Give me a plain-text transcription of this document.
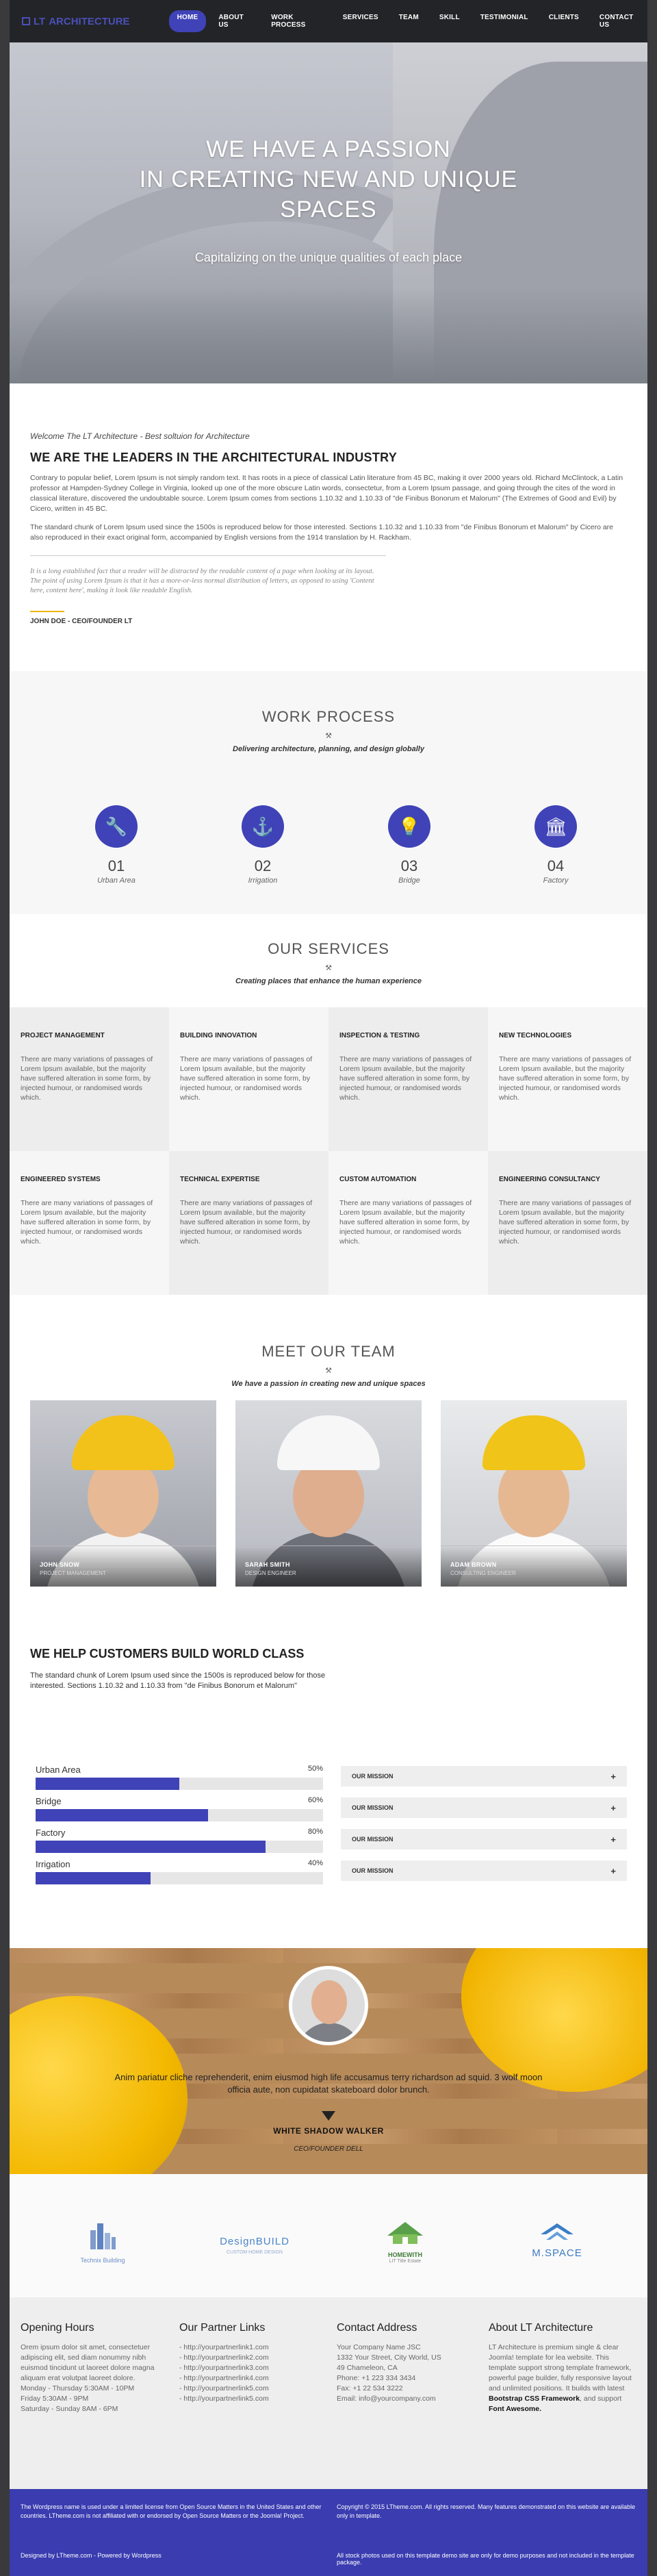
WE HAVE A PASSION
IN CREATING NEW AND UNIQUE
SPACES

Capitalizing on the unique qualities of each place

LT ARCHITECTURE	HOME	ABOUT US
WORK PROCESS
SERVICES	TEAM	SKILL	TESTIMONIAL	CLIENTS	CONTACT US
Welcome The LT Architecture - Best soltuion for Architecture
WE ARE THE LEADERS IN THE ARCHITECTURAL INDUSTRY

Contrary to popular belief, Lorem Ipsum is not simply random text. It has roots in a piece of classical Latin literature from 45 BC, making it over 2000 years old. Richard McClintock, a Latin professor at Hampden-Sydney College in Virginia, looked up one of the more obscure Latin words, consectetur, from a Lorem Ipsum passage, and going through the cites of the word in classical literature, discovered the undoubtable source. Lorem Ipsum comes from sections 1.10.32 and 1.10.33 of "de Finibus Bonorum et Malorum" (The Extremes of Good and Evil) by Cicero, written in 45 BC.

The standard chunk of Lorem Ipsum used since the 1500s is reproduced below for those interested. Sections 1.10.32 and 1.10.33 from "de Finibus Bonorum et Malorum" by Cicero are also reproduced in their exact original form, accompanied by English versions from the 1914 translation by H. Rackham.

It is a long established fact that a reader will be distracted by the readable content of a page when looking at its layout. The point of using Lorem Ipsum is that it has a more-or-less normal distribution of letters, as opposed to using 'Content here, content here', making it look like readable English.

JOHN DOE - CEO/FOUNDER LT
WORK PROCESS
⚒
Delivering architecture, planning, and design globally
🔧
01
Urban Area
⚓
02
Irrigation
💡
03
Bridge
🏛
04
Factory
OUR SERVICES
⚒
Creating places that enhance the human experience
PROJECT MANAGEMENT

There are many variations of passages of Lorem Ipsum available, but the majority have suffered alteration in some form, by injected humour, or randomised words which.

BUILDING INNOVATION

There are many variations of passages of Lorem Ipsum available, but the majority have suffered alteration in some form, by injected humour, or randomised words which.

INSPECTION & TESTING

There are many variations of passages of Lorem Ipsum available, but the majority have suffered alteration in some form, by injected humour, or randomised words which.

NEW TECHNOLOGIES

There are many variations of passages of Lorem Ipsum available, but the majority have suffered alteration in some form, by injected humour, or randomised words which.

ENGINEERED SYSTEMS

There are many variations of passages of Lorem Ipsum available, but the majority have suffered alteration in some form, by injected humour, or randomised words which.

TECHNICAL EXPERTISE

There are many variations of passages of Lorem Ipsum available, but the majority have suffered alteration in some form, by injected humour, or randomised words which.

CUSTOM AUTOMATION

There are many variations of passages of Lorem Ipsum available, but the majority have suffered alteration in some form, by injected humour, or randomised words which.

ENGINEERING CONSULTANCY

There are many variations of passages of Lorem Ipsum available, but the majority have suffered alteration in some form, by injected humour, or randomised words which.

MEET OUR TEAM
⚒
We have a passion in creating new and unique spaces
JOHN SNOW
PROJECT MANAGEMENT
SARAH SMITH
DESIGN ENGINEER
ADAM BROWN
CONSULTING ENGINEER
WE HELP CUSTOMERS BUILD WORLD CLASS

The standard chunk of Lorem Ipsum used since the 1500s is reproduced below for those interested. Sections 1.10.32 and 1.10.33 from "de Finibus Bonorum et Malorum"

Urban Area	50%
Bridge	60%
Factory	80%
Irrigation	40%
OUR MISSION	+
OUR MISSION	+
OUR MISSION	+
OUR MISSION	+

Anim pariatur cliche reprehenderit, enim eiusmod high life accusamus terry richardson ad squid. 3 wolf moon officia aute, non cupidatat skateboard dolor brunch.

WHITE SHADOW WALKER
CEO/FOUNDER DELL
Technix Building
DesignBUILD
CUSTOM HOME DESIGN	HOMEWITH
LIT Title Estate
M.SPACE
Opening Hours

Orem ipsum dolor sit amet, consectetuer adipiscing elit, sed diam nonummy nibh euismod tincidunt ut laoreet dolore magna aliquam erat volutpat laoreet dolore.

Monday - Thursday 5:30AM - 10PM

Friday 5:30AM - 9PM

Saturday - Sunday 8AM - 6PM

Our Partner Links

- http://yourpartnerlink1.com

- http://yourpartnerlink2.com

- http://yourpartnerlink3.com

- http://yourpartnerlink4.com

- http://yourpartnerlink5.com

- http://yourpartnerlink5.com

Contact Address

Your Company Name JSC

1332 Your Street, City World, US

49 Chameleon, CA

Phone: +1 223 334 3434

Fax: +1 22 534 3222

Email: info@yourcompany.com

About LT Architecture

LT Architecture is premium single & clear Joomla! template for lea website. This template support strong template framework, powerful page builder, fully responsive layout and unlimited positions. It builds with latest Bootstrap CSS Framework, and support Font Awesome.

The Wordpress name is used under a limited license from Open Source Matters in the United States and other countries. LTheme.com is not affiliated with or endorsed by Open Source Matters or the Joomla! Project.
Copyright © 2015 LTheme.com. All rights reserved. Many features demonstrated on this website are available only in template.
Designed by LTheme.com - Powered by Wordpress	All stock photos used on this template demo site are only for demo purposes and not included in the template package.
